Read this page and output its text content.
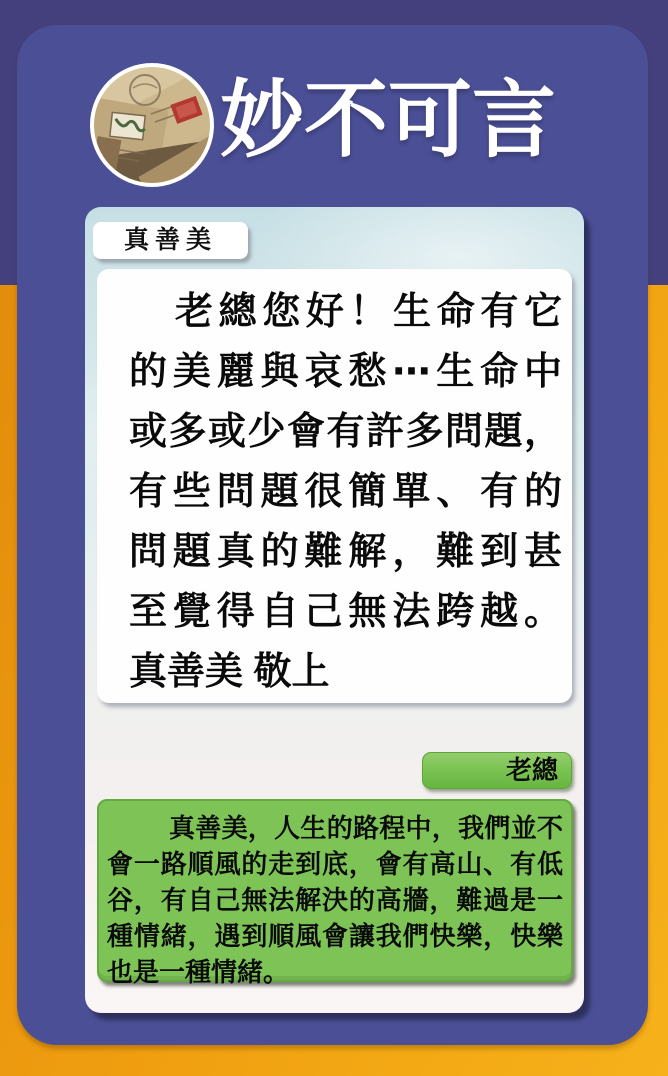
妙不可言
真善美
老總您好！生命有它
的美麗與哀愁⋯生命中
或多或少會有許多問題，
有些問題很簡單、有的
問題真的難解，難到甚
至覺得自己無法跨越。
真善美 敬上
老總
真善美，人生的路程中，我們並不
會一路順風的走到底，會有高山、有低
谷，有自己無法解決的高牆，難過是一
種情緒，遇到順風會讓我們快樂，快樂
也是一種情緒。
